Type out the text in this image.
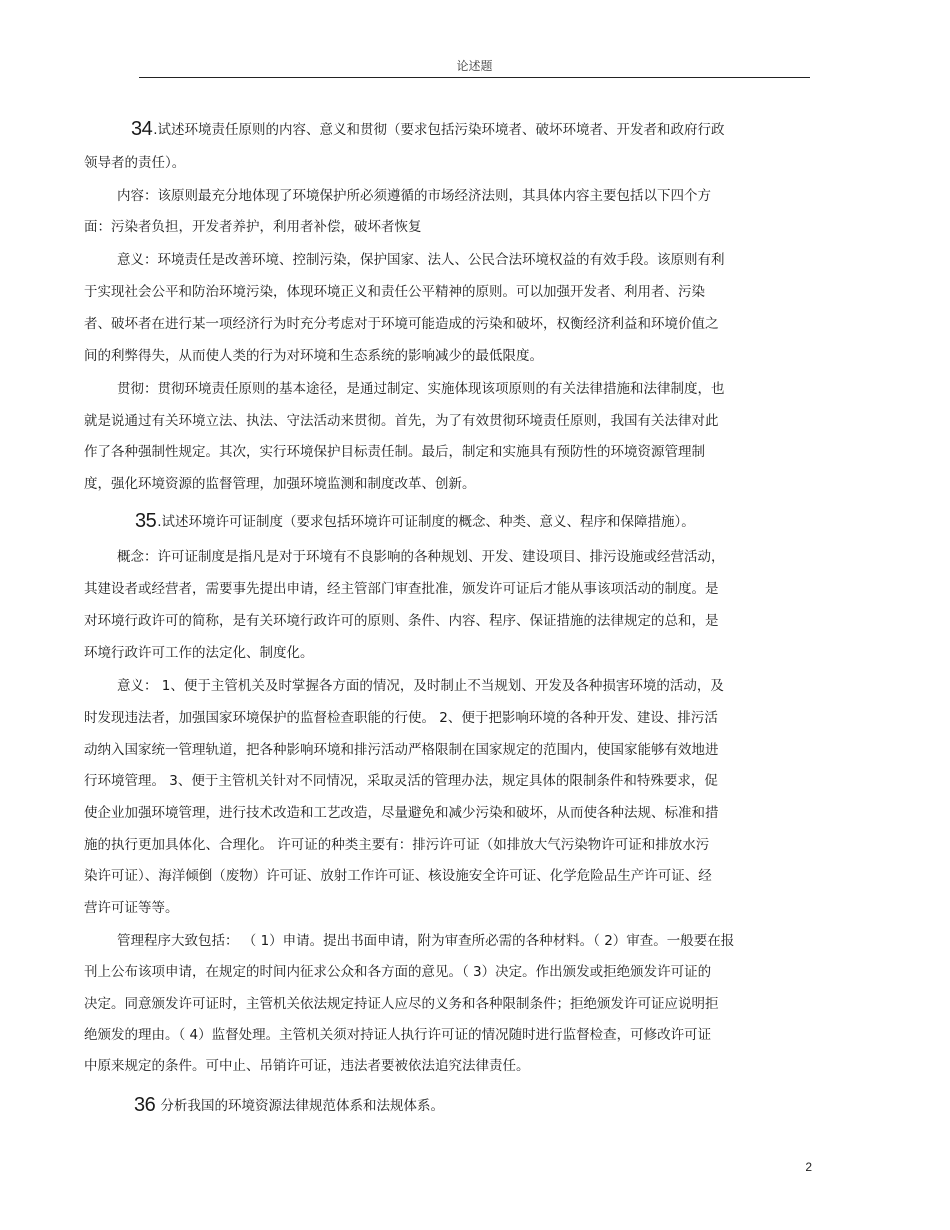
论述题
34.试述环境责任原则的内容、意义和贯彻（要求包括污染环境者、破坏环境者、开发者和政府行政
领导者的责任）。
内容：该原则最充分地体现了环境保护所必须遵循的市场经济法则，其具体内容主要包括以下四个方
面：污染者负担，开发者养护，利用者补偿，破坏者恢复
意义：环境责任是改善环境、控制污染，保护国家、法人、公民合法环境权益的有效手段。该原则有利
于实现社会公平和防治环境污染，体现环境正义和责任公平精神的原则。可以加强开发者、利用者、污染
者、破坏者在进行某一项经济行为时充分考虑对于环境可能造成的污染和破坏，权衡经济利益和环境价值之
间的利弊得失，从而使人类的行为对环境和生态系统的影响减少的最低限度。
贯彻：贯彻环境责任原则的基本途径，是通过制定、实施体现该项原则的有关法律措施和法律制度，也
就是说通过有关环境立法、执法、守法活动来贯彻。首先，为了有效贯彻环境责任原则，我国有关法律对此
作了各种强制性规定。其次，实行环境保护目标责任制。最后，制定和实施具有预防性的环境资源管理制
度，强化环境资源的监督管理，加强环境监测和制度改革、创新。
35.试述环境许可证制度（要求包括环境许可证制度的概念、种类、意义、程序和保障措施）。
概念：许可证制度是指凡是对于环境有不良影响的各种规划、开发、建设项目、排污设施或经营活动，
其建设者或经营者，需要事先提出申请，经主管部门审查批准，颁发许可证后才能从事该项活动的制度。是
对环境行政许可的简称，是有关环境行政许可的原则、条件、内容、程序、保证措施的法律规定的总和，是
环境行政许可工作的法定化、制度化。
意义： 1、便于主管机关及时掌握各方面的情况，及时制止不当规划、开发及各种损害环境的活动，及
时发现违法者，加强国家环境保护的监督检查职能的行使。 2、便于把影响环境的各种开发、建设、排污活
动纳入国家统一管理轨道，把各种影响环境和排污活动严格限制在国家规定的范围内，使国家能够有效地进
行环境管理。 3、便于主管机关针对不同情况，采取灵活的管理办法，规定具体的限制条件和特殊要求，促
使企业加强环境管理，进行技术改造和工艺改造，尽量避免和减少污染和破坏，从而使各种法规、标准和措
施的执行更加具体化、合理化。 许可证的种类主要有：排污许可证（如排放大气污染物许可证和排放水污
染许可证）、海洋倾倒（废物）许可证、放射工作许可证、核设施安全许可证、化学危险品生产许可证、经
营许可证等等。
管理程序大致包括： （ 1）申请。提出书面申请，附为审查所必需的各种材料。（ 2）审查。一般要在报
刊上公布该项申请，在规定的时间内征求公众和各方面的意见。（ 3）决定。作出颁发或拒绝颁发许可证的
决定。同意颁发许可证时，主管机关依法规定持证人应尽的义务和各种限制条件；拒绝颁发许可证应说明拒
绝颁发的理由。（ 4）监督处理。主管机关须对持证人执行许可证的情况随时进行监督检查，可修改许可证
中原来规定的条件。可中止、吊销许可证，违法者要被依法追究法律责任。
36 分析我国的环境资源法律规范体系和法规体系。
2
